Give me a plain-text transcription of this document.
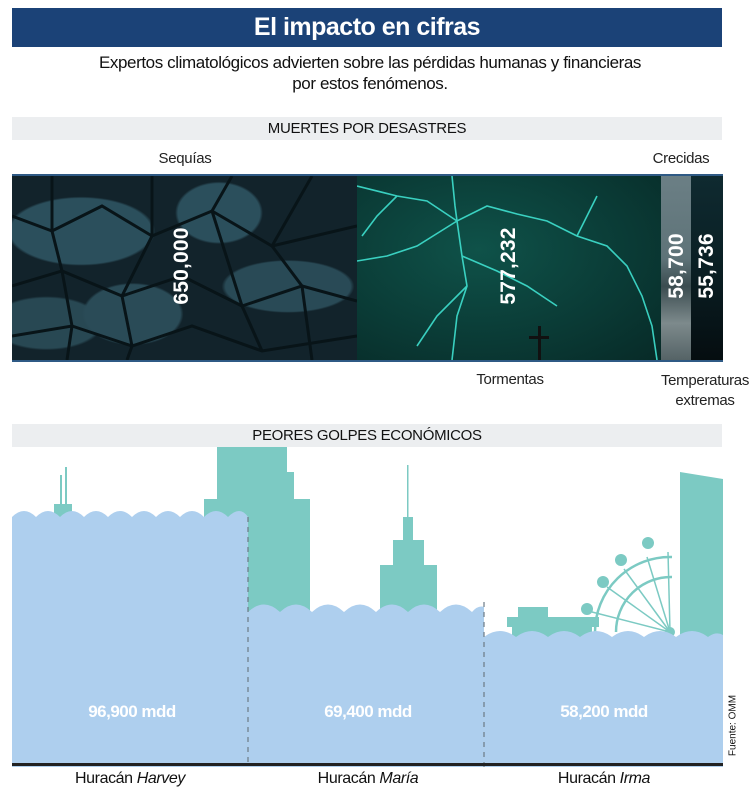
El impacto en cifras
Expertos climatológicos advierten sobre las pérdidas humanas y financieras
por estos fenómenos.
MUERTES POR DESASTRES
Sequías	Crecidas
650,000	577,232	58,700 55,736
Tormentas	Temperaturas
extremas
PEORES GOLPES ECONÓMICOS
96,900 mdd	69,400 mdd	58,200 mdd
Huracán Harvey	Huracán María	Huracán Irma
Fuente: OMM
